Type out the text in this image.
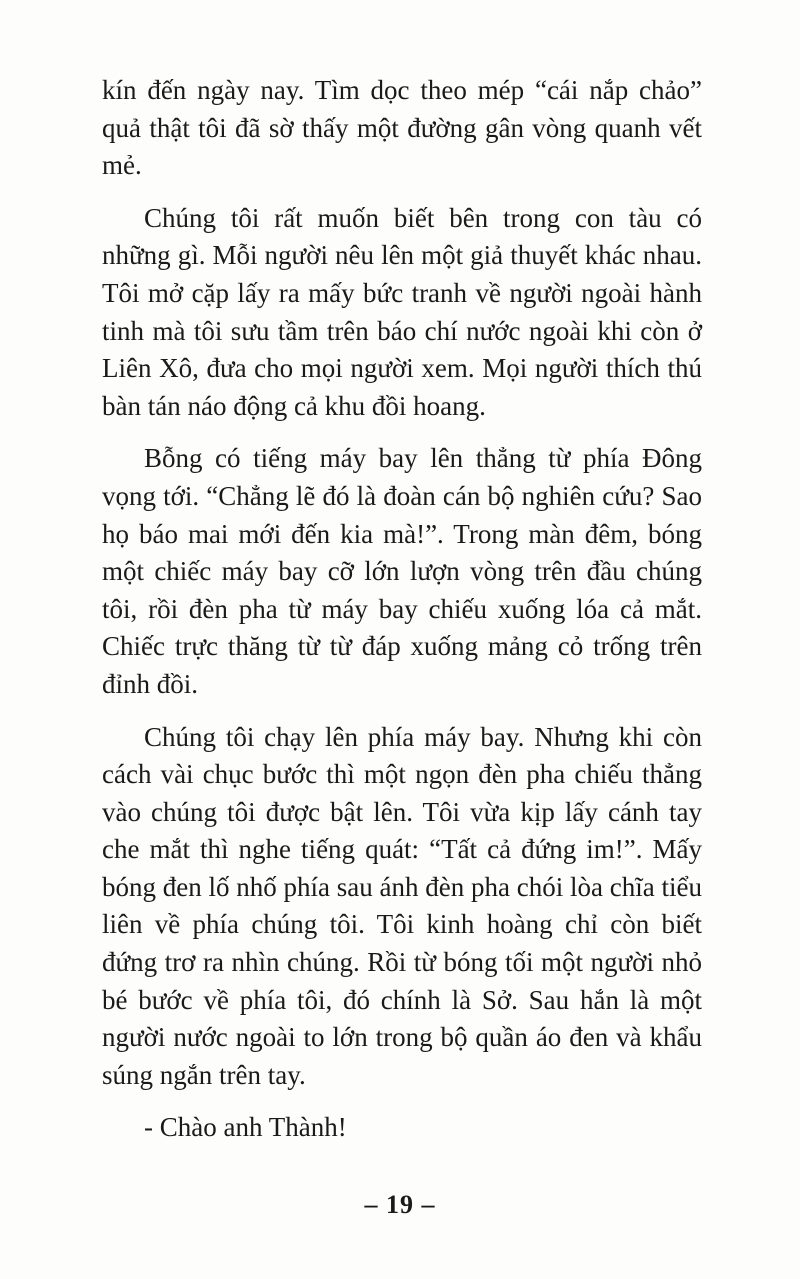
kín đến ngày nay. Tìm dọc theo mép “cái nắp chảo” quả thật tôi đã sờ thấy một đường gân vòng quanh vết mẻ.

Chúng tôi rất muốn biết bên trong con tàu có những gì. Mỗi người nêu lên một giả thuyết khác nhau. Tôi mở cặp lấy ra mấy bức tranh về người ngoài hành tinh mà tôi sưu tầm trên báo chí nước ngoài khi còn ở Liên Xô, đưa cho mọi người xem. Mọi người thích thú bàn tán náo động cả khu đồi hoang.

Bỗng có tiếng máy bay lên thẳng từ phía Đông vọng tới. “Chẳng lẽ đó là đoàn cán bộ nghiên cứu? Sao họ báo mai mới đến kia mà!”. Trong màn đêm, bóng một chiếc máy bay cỡ lớn lượn vòng trên đầu chúng tôi, rồi đèn pha từ máy bay chiếu xuống lóa cả mắt. Chiếc trực thăng từ từ đáp xuống mảng cỏ trống trên đỉnh đồi.

Chúng tôi chạy lên phía máy bay. Nhưng khi còn cách vài chục bước thì một ngọn đèn pha chiếu thẳng vào chúng tôi được bật lên. Tôi vừa kịp lấy cánh tay che mắt thì nghe tiếng quát: “Tất cả đứng im!”. Mấy bóng đen lố nhố phía sau ánh đèn pha chói lòa chĩa tiểu liên về phía chúng tôi. Tôi kinh hoàng chỉ còn biết đứng trơ ra nhìn chúng. Rồi từ bóng tối một người nhỏ bé bước về phía tôi, đó chính là Sở. Sau hắn là một người nước ngoài to lớn trong bộ quần áo đen và khẩu súng ngắn trên tay.

- Chào anh Thành!

– 19 –
